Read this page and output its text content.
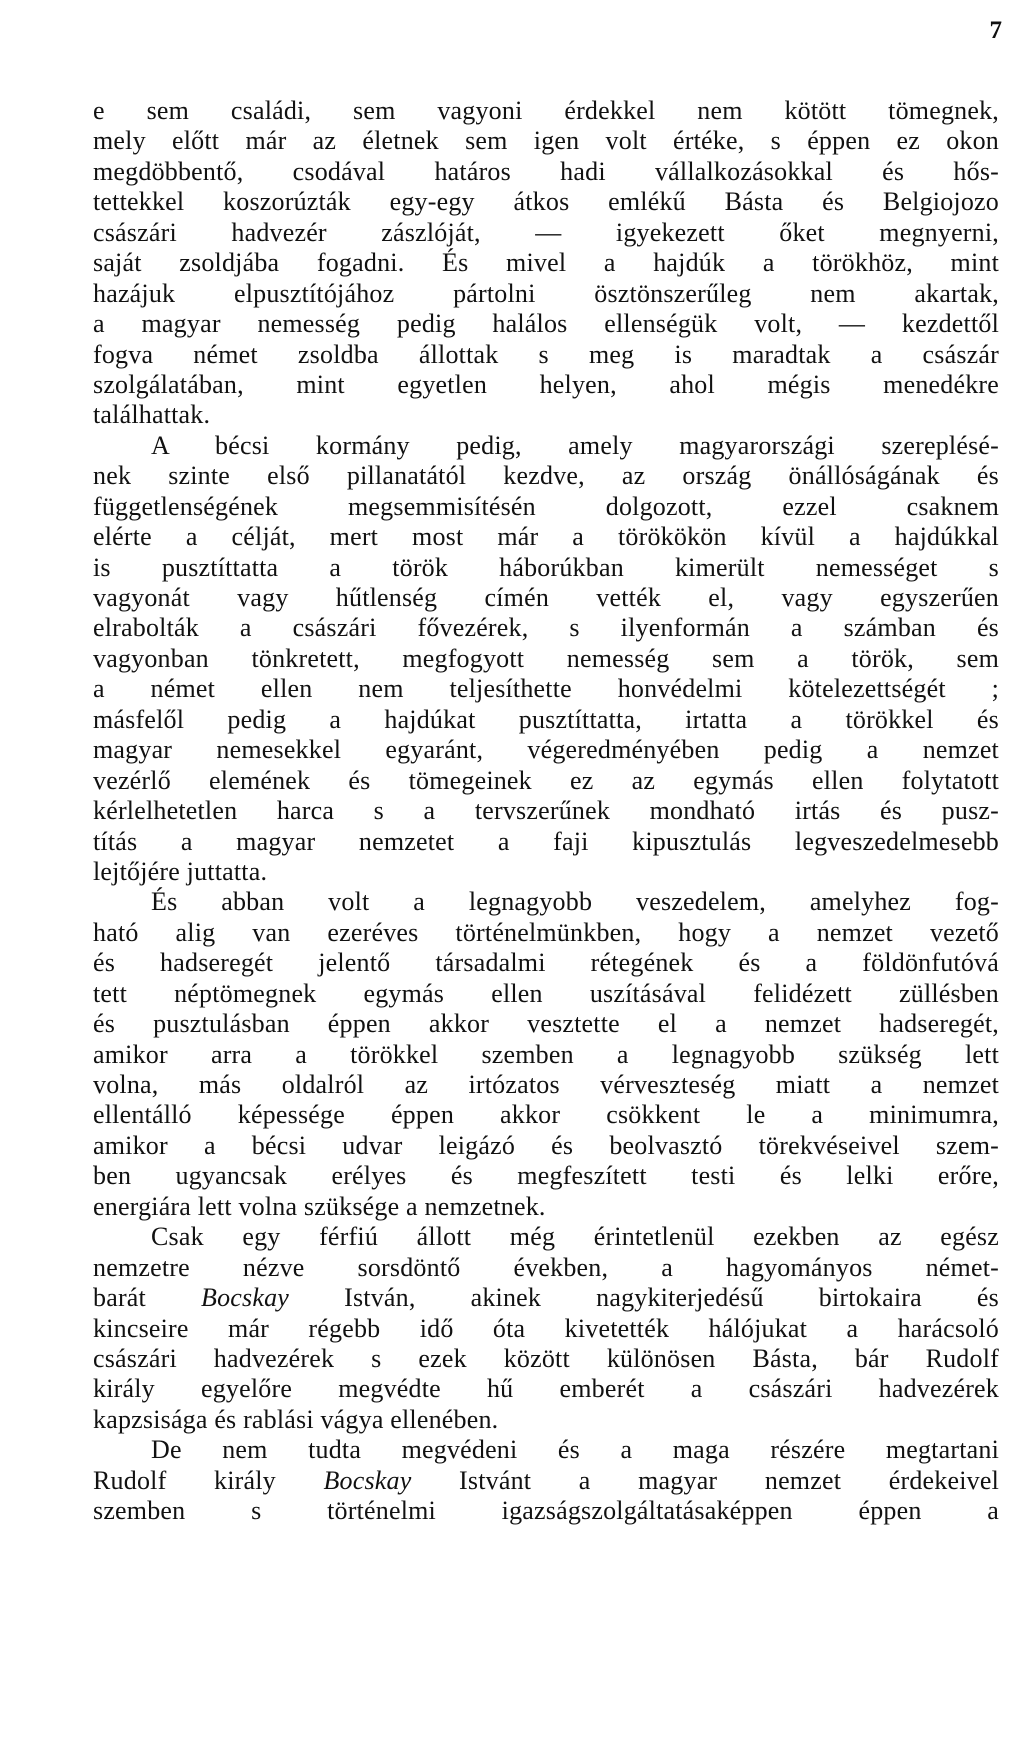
7
e sem családi, sem vagyoni érdekkel nem kötött tömegnek,
mely előtt már az életnek sem igen volt értéke, s éppen ez okon
megdöbbentő, csodával határos hadi vállalkozásokkal és hős-
tettekkel koszorúzták egy-egy átkos emlékű Básta és Belgiojozo
császári hadvezér zászlóját, — igyekezett őket megnyerni,
saját zsoldjába fogadni. És mivel a hajdúk a törökhöz, mint
hazájuk elpusztítójához pártolni ösztönszerűleg nem akartak,
a magyar nemesség pedig halálos ellenségük volt, — kezdettől
fogva német zsoldba állottak s meg is maradtak a császár
szolgálatában, mint egyetlen helyen, ahol mégis menedékre
találhattak.
A bécsi kormány pedig, amely magyarországi szereplésé-
nek szinte első pillanatától kezdve, az ország önállóságának és
függetlenségének megsemmisítésén dolgozott, ezzel csaknem
elérte a célját, mert most már a törökökön kívül a hajdúkkal
is pusztíttatta a török háborúkban kimerült nemességet s
vagyonát vagy hűtlenség címén vették el, vagy egyszerűen
elrabolták a császári fővezérek, s ilyenformán a számban és
vagyonban tönkretett, megfogyott nemesség sem a török, sem
a német ellen nem teljesíthette honvédelmi kötelezettségét ;
másfelől pedig a hajdúkat pusztíttatta, irtatta a törökkel és
magyar nemesekkel egyaránt, végeredményében pedig a nemzet
vezérlő elemének és tömegeinek ez az egymás ellen folytatott
kérlelhetetlen harca s a tervszerűnek mondható irtás és pusz-
títás a magyar nemzetet a faji kipusztulás legveszedelmesebb
lejtőjére juttatta.
És abban volt a legnagyobb veszedelem, amelyhez fog-
ható alig van ezeréves történelmünkben, hogy a nemzet vezető
és hadseregét jelentő társadalmi rétegének és a földönfutóvá
tett néptömegnek egymás ellen uszításával felidézett züllésben
és pusztulásban éppen akkor vesztette el a nemzet hadseregét,
amikor arra a törökkel szemben a legnagyobb szükség lett
volna, más oldalról az irtózatos vérveszteség miatt a nemzet
ellentálló képessége éppen akkor csökkent le a minimumra,
amikor a bécsi udvar leigázó és beolvasztó törekvéseivel szem-
ben ugyancsak erélyes és megfeszített testi és lelki erőre,
energiára lett volna szüksége a nemzetnek.
Csak egy férfiú állott még érintetlenül ezekben az egész
nemzetre nézve sorsdöntő években, a hagyományos német-
barát Bocskay István, akinek nagykiterjedésű birtokaira és
kincseire már régebb idő óta kivetették hálójukat a harácsoló
császári hadvezérek s ezek között különösen Básta, bár Rudolf
király egyelőre megvédte hű emberét a császári hadvezérek
kapzsisága és rablási vágya ellenében.
De nem tudta megvédeni és a maga részére megtartani
Rudolf király Bocskay Istvánt a magyar nemzet érdekeivel
szemben s történelmi igazságszolgáltatásaképpen éppen a
